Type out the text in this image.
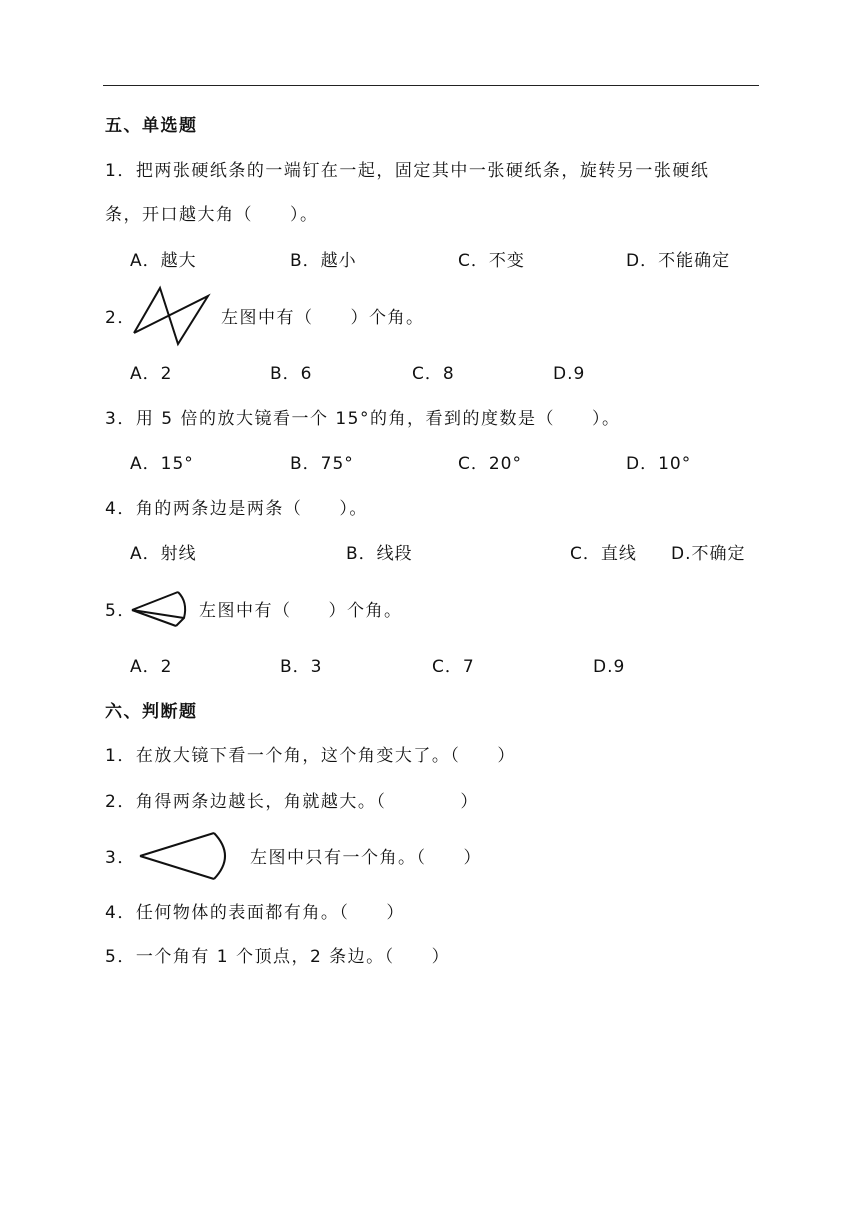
五、单选题
1．把两张硬纸条的一端钉在一起，固定其中一张硬纸条，旋转另一张硬纸
条，开口越大角（　　）。
A．越大	B．越小	C．不变	D．不能确定
2．	左图中有（　　）个角。
A．2	B．6	C．8	D.9
3．用 5 倍的放大镜看一个 15°的角，看到的度数是（　　）。
A．15°	B．75°	C．20°	D．10°
4．角的两条边是两条（　　）。
A．射线	B．线段	C．直线 D.不确定
5．	左图中有（　　）个角。
A．2	B．3	C．7	D.9
六、判断题
1．在放大镜下看一个角，这个角变大了。（　　）
2．角得两条边越长，角就越大。（　　　　）
3．	左图中只有一个角。（　　）
4．任何物体的表面都有角。（　　）
5．一个角有 1 个顶点，2 条边。（　　）
